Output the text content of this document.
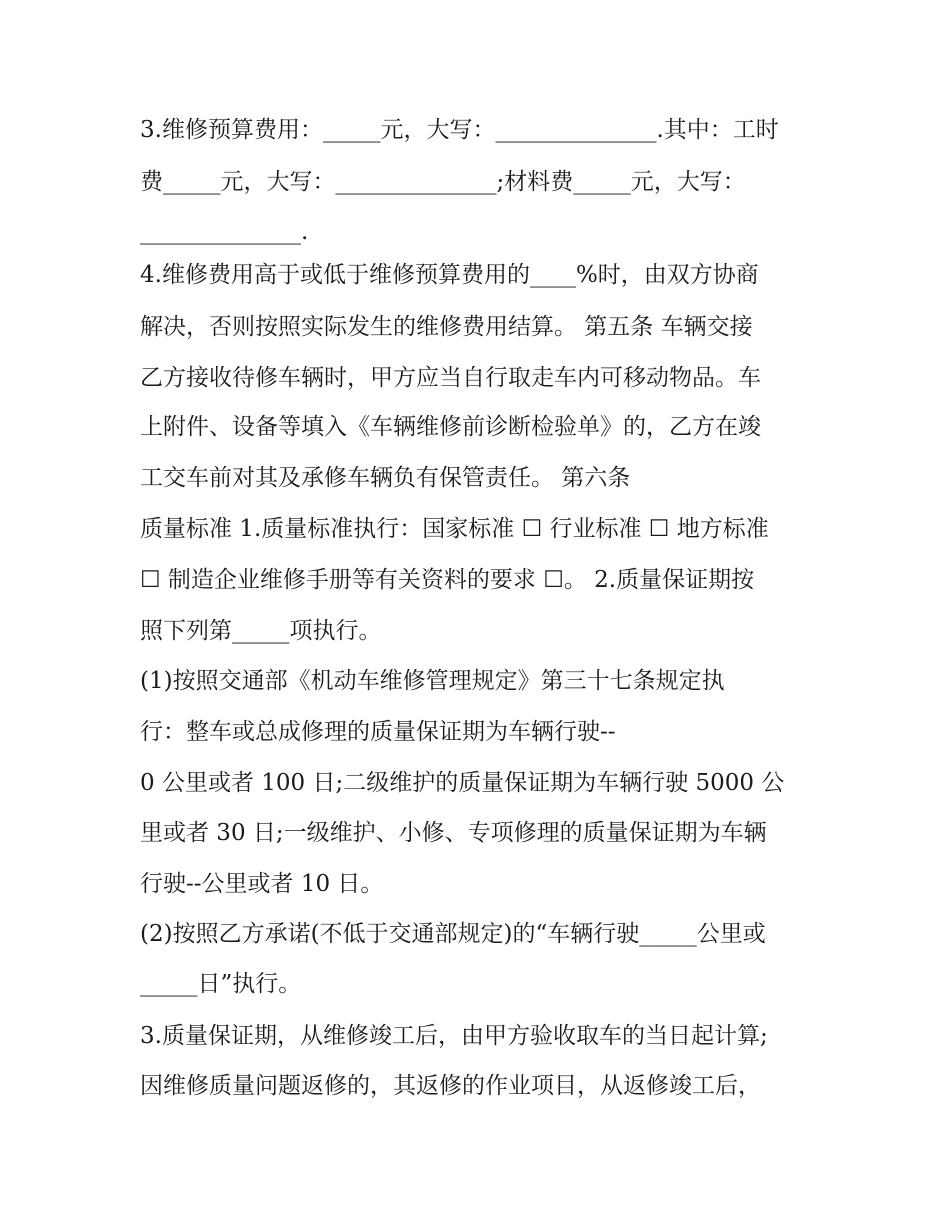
3.维修预算费用：_____元，大写：______________.其中：工时
费_____元，大写：______________;材料费_____元，大写：
______________.
4.维修费用高于或低于维修预算费用的____%时，由双方协商
解决，否则按照实际发生的维修费用结算。 第五条 车辆交接
乙方接收待修车辆时，甲方应当自行取走车内可移动物品。车
上附件、设备等填入《车辆维修前诊断检验单》的，乙方在竣
工交车前对其及承修车辆负有保管责任。 第六条
质量标准 1.质量标准执行：国家标准 ☐ 行业标准 ☐ 地方标准
☐ 制造企业维修手册等有关资料的要求 ☐。 2.质量保证期按
照下列第_____项执行。
(1)按照交通部《机动车维修管理规定》第三十七条规定执
行：整车或总成修理的质量保证期为车辆行驶--
0 公里或者 100 日;二级维护的质量保证期为车辆行驶 5000 公
里或者 30 日;一级维护、小修、专项修理的质量保证期为车辆
行驶--公里或者 10 日。
(2)按照乙方承诺(不低于交通部规定)的“车辆行驶_____公里或
_____日”执行。
3.质量保证期，从维修竣工后，由甲方验收取车的当日起计算;
因维修质量问题返修的，其返修的作业项目，从返修竣工后，
